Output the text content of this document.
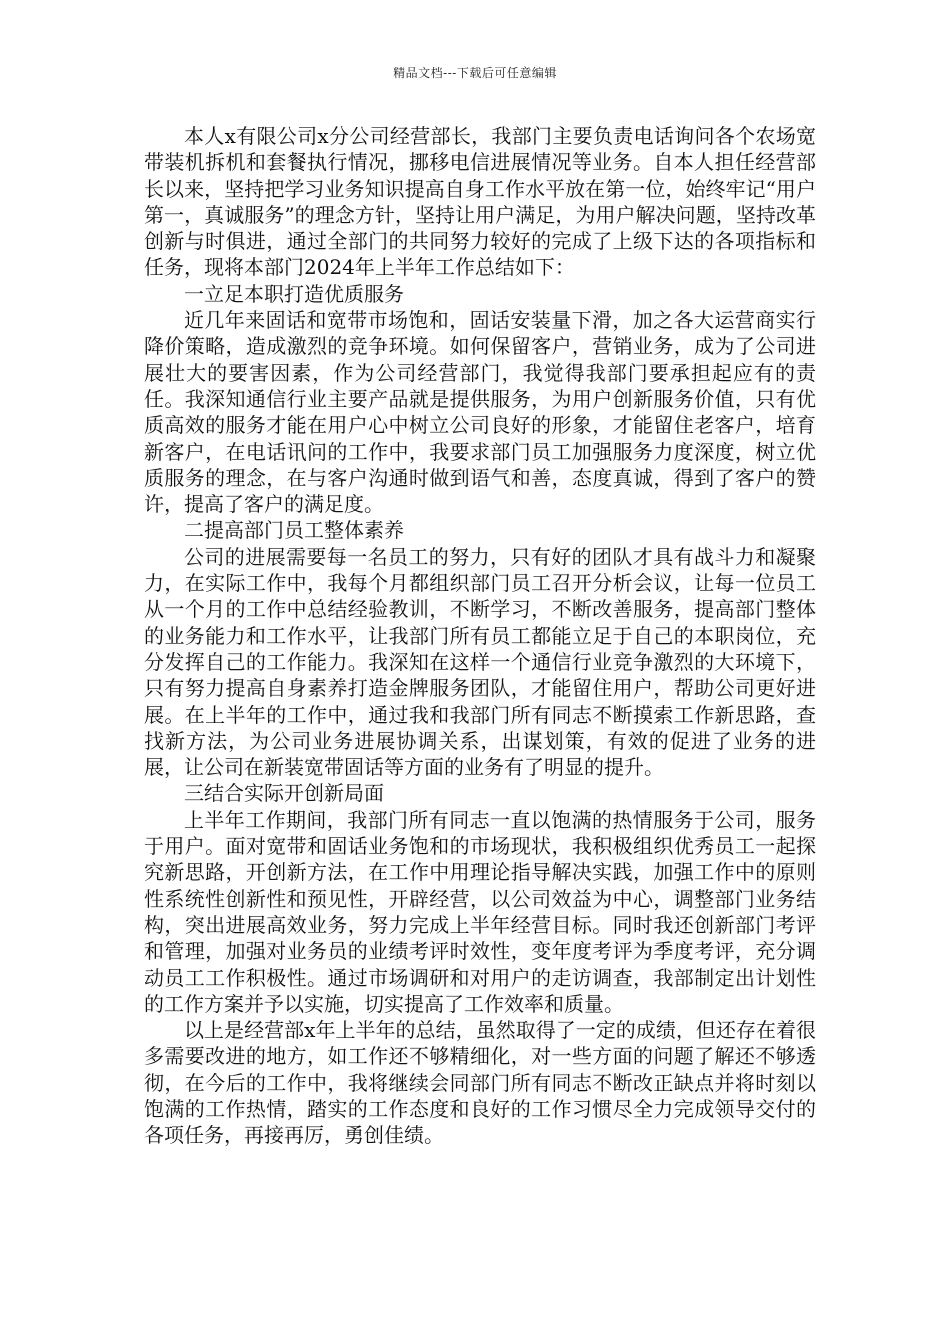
精品文档---下载后可任意编辑

本人x有限公司x分公司经营部长，我部门主要负责电话询问各个农场宽带装机拆机和套餐执行情况，挪移电信进展情况等业务。自本人担任经营部长以来，坚持把学习业务知识提高自身工作水平放在第一位，始终牢记“用户第一，真诚服务”的理念方针，坚持让用户满足，为用户解决问题，坚持改革创新与时俱进，通过全部门的共同努力较好的完成了上级下达的各项指标和任务，现将本部门2024年上半年工作总结如下：

一立足本职打造优质服务

近几年来固话和宽带市场饱和，固话安装量下滑，加之各大运营商实行降价策略，造成激烈的竞争环境。如何保留客户，营销业务，成为了公司进展壮大的要害因素，作为公司经营部门，我觉得我部门要承担起应有的责任。我深知通信行业主要产品就是提供服务，为用户创新服务价值，只有优质高效的服务才能在用户心中树立公司良好的形象，才能留住老客户，培育新客户，在电话讯问的工作中，我要求部门员工加强服务力度深度，树立优质服务的理念，在与客户沟通时做到语气和善，态度真诚，得到了客户的赞许，提高了客户的满足度。

二提高部门员工整体素养

公司的进展需要每一名员工的努力，只有好的团队才具有战斗力和凝聚力，在实际工作中，我每个月都组织部门员工召开分析会议，让每一位员工从一个月的工作中总结经验教训，不断学习，不断改善服务，提高部门整体的业务能力和工作水平，让我部门所有员工都能立足于自己的本职岗位，充分发挥自己的工作能力。我深知在这样一个通信行业竞争激烈的大环境下，只有努力提高自身素养打造金牌服务团队，才能留住用户，帮助公司更好进展。在上半年的工作中，通过我和我部门所有同志不断摸索工作新思路，查找新方法，为公司业务进展协调关系，出谋划策，有效的促进了业务的进展，让公司在新装宽带固话等方面的业务有了明显的提升。

三结合实际开创新局面

上半年工作期间，我部门所有同志一直以饱满的热情服务于公司，服务于用户。面对宽带和固话业务饱和的市场现状，我积极组织优秀员工一起探究新思路，开创新方法，在工作中用理论指导解决实践，加强工作中的原则性系统性创新性和预见性，开辟经营，以公司效益为中心，调整部门业务结构，突出进展高效业务，努力完成上半年经营目标。同时我还创新部门考评和管理，加强对业务员的业绩考评时效性，变年度考评为季度考评，充分调动员工工作积极性。通过市场调研和对用户的走访调查，我部制定出计划性的工作方案并予以实施，切实提高了工作效率和质量。

以上是经营部x年上半年的总结，虽然取得了一定的成绩，但还存在着很多需要改进的地方，如工作还不够精细化，对一些方面的问题了解还不够透彻，在今后的工作中，我将继续会同部门所有同志不断改正缺点并将时刻以饱满的工作热情，踏实的工作态度和良好的工作习惯尽全力完成领导交付的各项任务，再接再厉，勇创佳绩。
